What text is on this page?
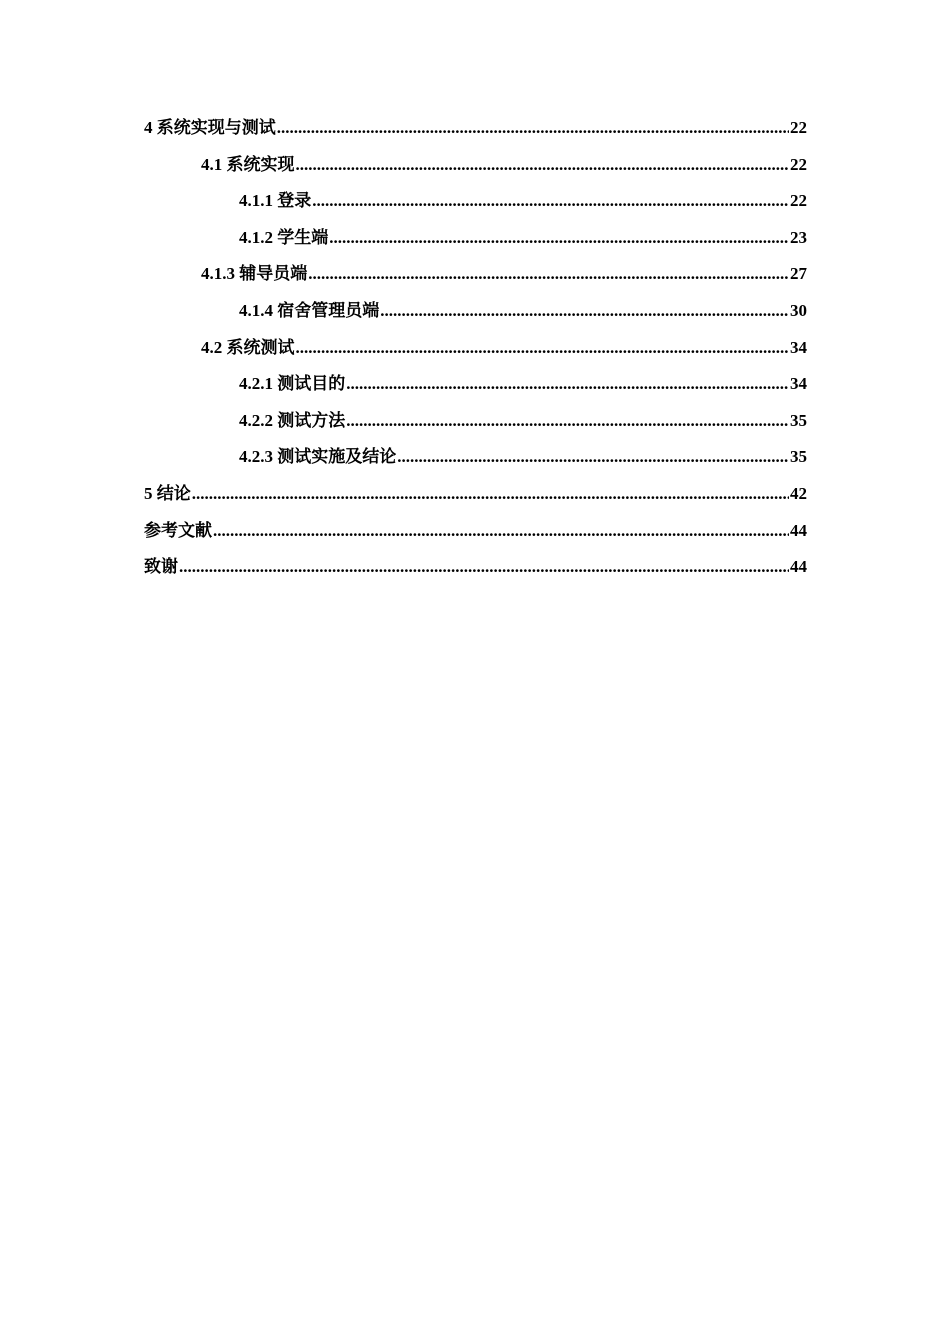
4 系统实现与测试 .....	22
4.1 系统实现 .....	22
4.1.1 登录 .....	22
4.1.2 学生端 .....	23
4.1.3 辅导员端 .....	27
4.1.4 宿舍管理员端 .....	30
4.2 系统测试 .....	34
4.2.1 测试目的 .....	34
4.2.2 测试方法 .....	35
4.2.3 测试实施及结论 .....	35
5 结论 .....	42
参考文献 .....	44
致谢 .....	44
